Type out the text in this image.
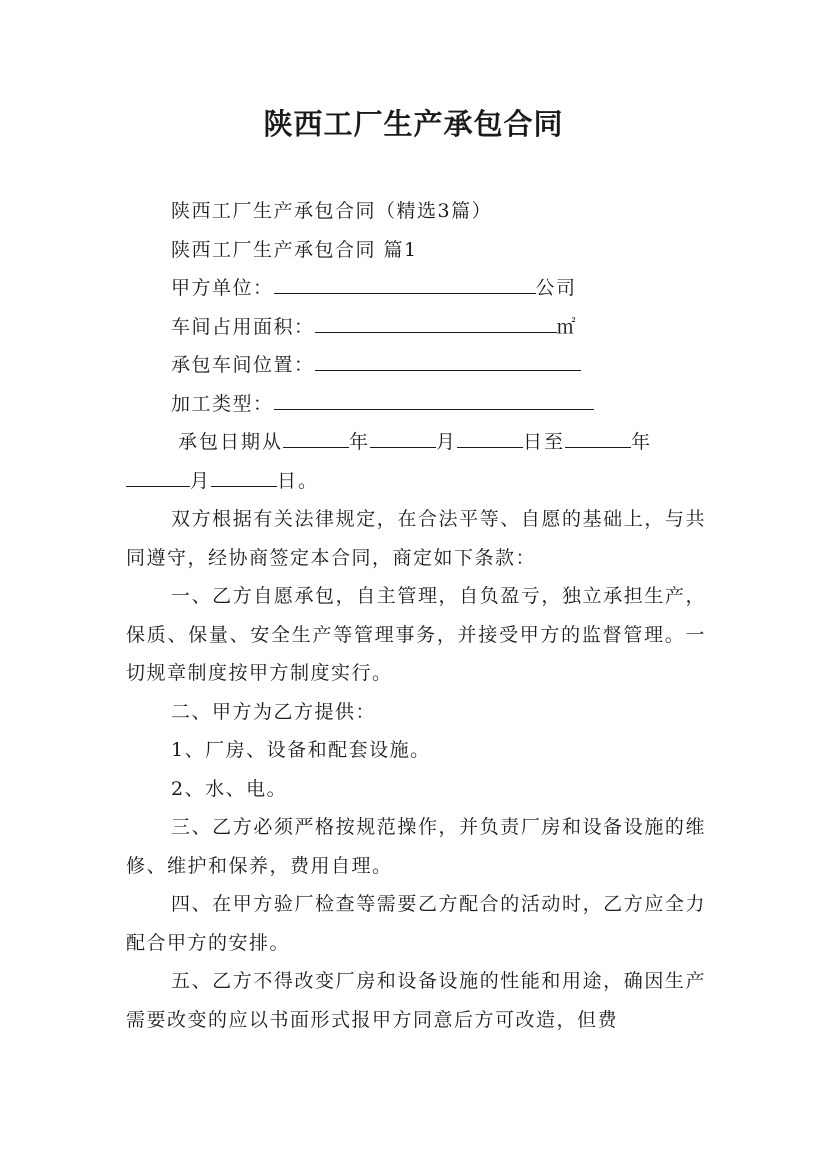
陕西工厂生产承包合同

陕西工厂生产承包合同（精选3篇）

陕西工厂生产承包合同 篇1

甲方单位：	公司

车间占用面积：	㎡

承包车间位置：

加工类型：

承包日期从	年	月	日至	年
月	日。

双方根据有关法律规定，在合法平等、自愿的基础上，与共同遵守，经协商签定本合同，商定如下条款：

一、乙方自愿承包，自主管理，自负盈亏，独立承担生产，保质、保量、安全生产等管理事务，并接受甲方的监督管理。一切规章制度按甲方制度实行。

二、甲方为乙方提供：

1、厂房、设备和配套设施。

2、水、电。

三、乙方必须严格按规范操作，并负责厂房和设备设施的维修、维护和保养，费用自理。

四、在甲方验厂检查等需要乙方配合的活动时，乙方应全力配合甲方的安排。

五、乙方不得改变厂房和设备设施的性能和用途，确因生产需要改变的应以书面形式报甲方同意后方可改造，但费
